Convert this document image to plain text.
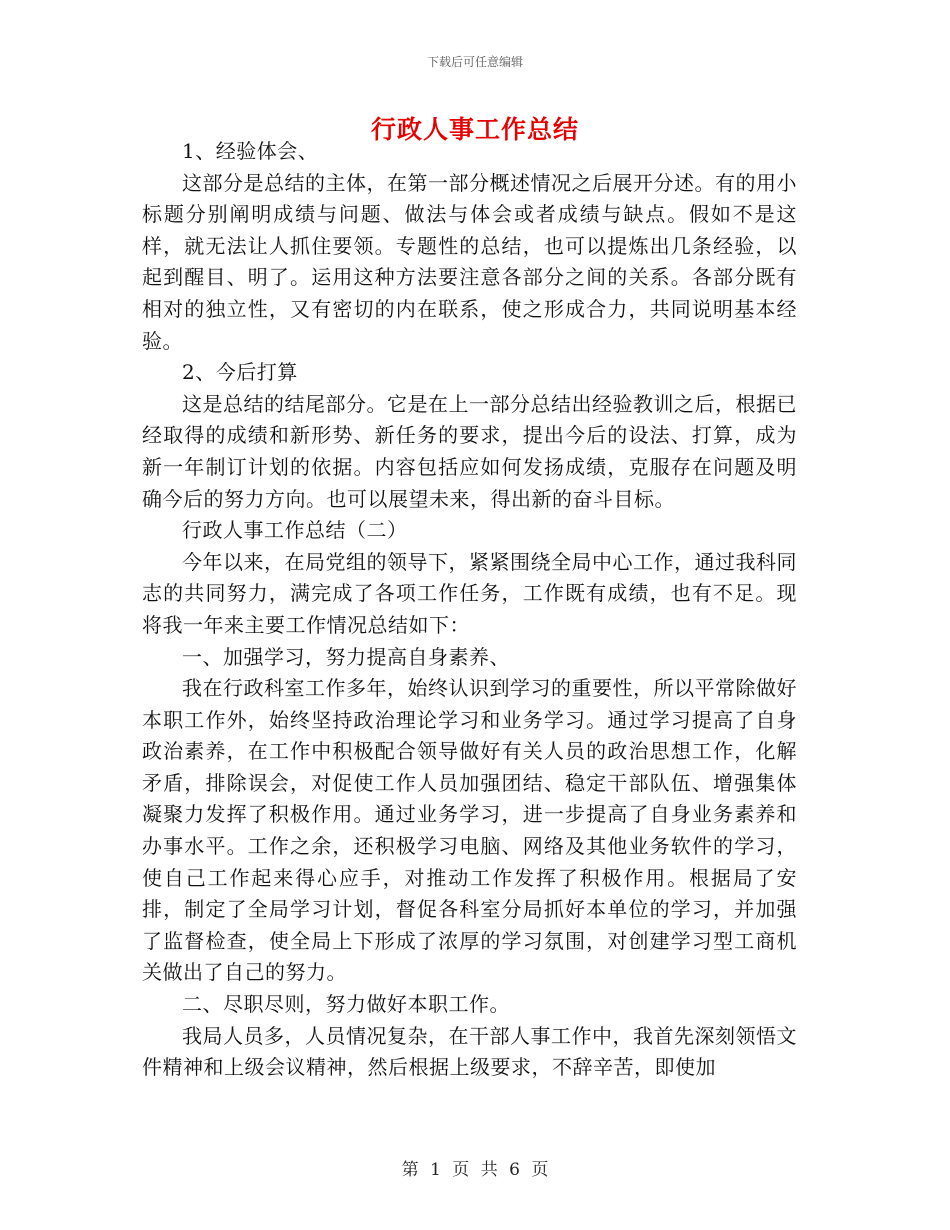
下载后可任意编辑
行政人事工作总结

1、经验体会、

这部分是总结的主体，在第一部分概述情况之后展开分述。有的用小标题分别阐明成绩与问题、做法与体会或者成绩与缺点。假如不是这样，就无法让人抓住要领。专题性的总结，也可以提炼出几条经验，以起到醒目、明了。运用这种方法要注意各部分之间的关系。各部分既有相对的独立性，又有密切的内在联系，使之形成合力，共同说明基本经验。

2、今后打算

这是总结的结尾部分。它是在上一部分总结出经验教训之后，根据已经取得的成绩和新形势、新任务的要求，提出今后的设法、打算，成为新一年制订计划的依据。内容包括应如何发扬成绩，克服存在问题及明确今后的努力方向。也可以展望未来，得出新的奋斗目标。

行政人事工作总结（二）

今年以来，在局党组的领导下，紧紧围绕全局中心工作，通过我科同志的共同努力，满完成了各项工作任务，工作既有成绩，也有不足。现将我一年来主要工作情况总结如下：

一、加强学习，努力提高自身素养、

我在行政科室工作多年，始终认识到学习的重要性，所以平常除做好本职工作外，始终坚持政治理论学习和业务学习。通过学习提高了自身政治素养，在工作中积极配合领导做好有关人员的政治思想工作，化解矛盾，排除误会，对促使工作人员加强团结、稳定干部队伍、增强集体凝聚力发挥了积极作用。通过业务学习，进一步提高了自身业务素养和办事水平。工作之余，还积极学习电脑、网络及其他业务软件的学习，使自己工作起来得心应手，对推动工作发挥了积极作用。根据局了安排，制定了全局学习计划，督促各科室分局抓好本单位的学习，并加强了监督检查，使全局上下形成了浓厚的学习氛围，对创建学习型工商机关做出了自己的努力。

二、尽职尽则，努力做好本职工作。

我局人员多，人员情况复杂，在干部人事工作中，我首先深刻领悟文件精神和上级会议精神，然后根据上级要求，不辞辛苦，即使加

第 1 页 共 6 页
